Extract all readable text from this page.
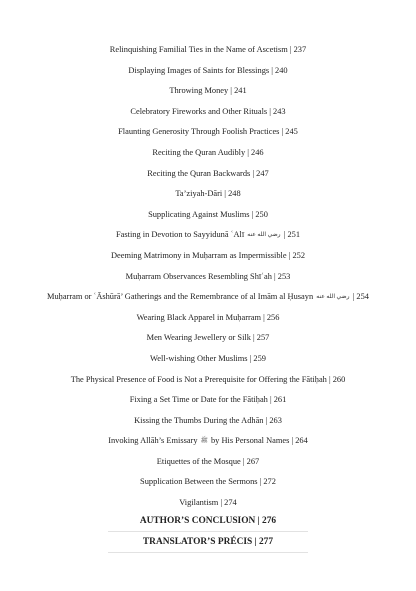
Relinquishing Familial Ties in the Name of Ascetism | 237
Displaying Images of Saints for Blessings | 240
Throwing Money | 241
Celebratory Fireworks and Other Rituals | 243
Flaunting Generosity Through Foolish Practices | 245
Reciting the Quran Audibly | 246
Reciting the Quran Backwards | 247
Ta’ziyah-Dāri | 248
Supplicating Against Muslims | 250
Fasting in Devotion to Sayyidunā ʿAlī رضي الله عنه | 251
Deeming Matrimony in Muḥarram as Impermissible | 252
Muḥarram Observances Resembling Shīʿah | 253
Muḥarram or ʿĀshūrā’ Gatherings and the Remembrance of al Imām al Ḥusayn رضي الله عنه | 254
Wearing Black Apparel in Muḥarram | 256
Men Wearing Jewellery or Silk | 257
Well-wishing Other Muslims | 259
The Physical Presence of Food is Not a Prerequisite for Offering the Fātiḥah | 260
Fixing a Set Time or Date for the Fātiḥah | 261
Kissing the Thumbs During the Adhān | 263
Invoking Allāh’s Emissary ﷺ by His Personal Names | 264
Etiquettes of the Mosque | 267
Supplication Between the Sermons | 272
Vigilantism | 274
AUTHOR’S CONCLUSION | 276
TRANSLATOR’S PRÉCIS | 277
